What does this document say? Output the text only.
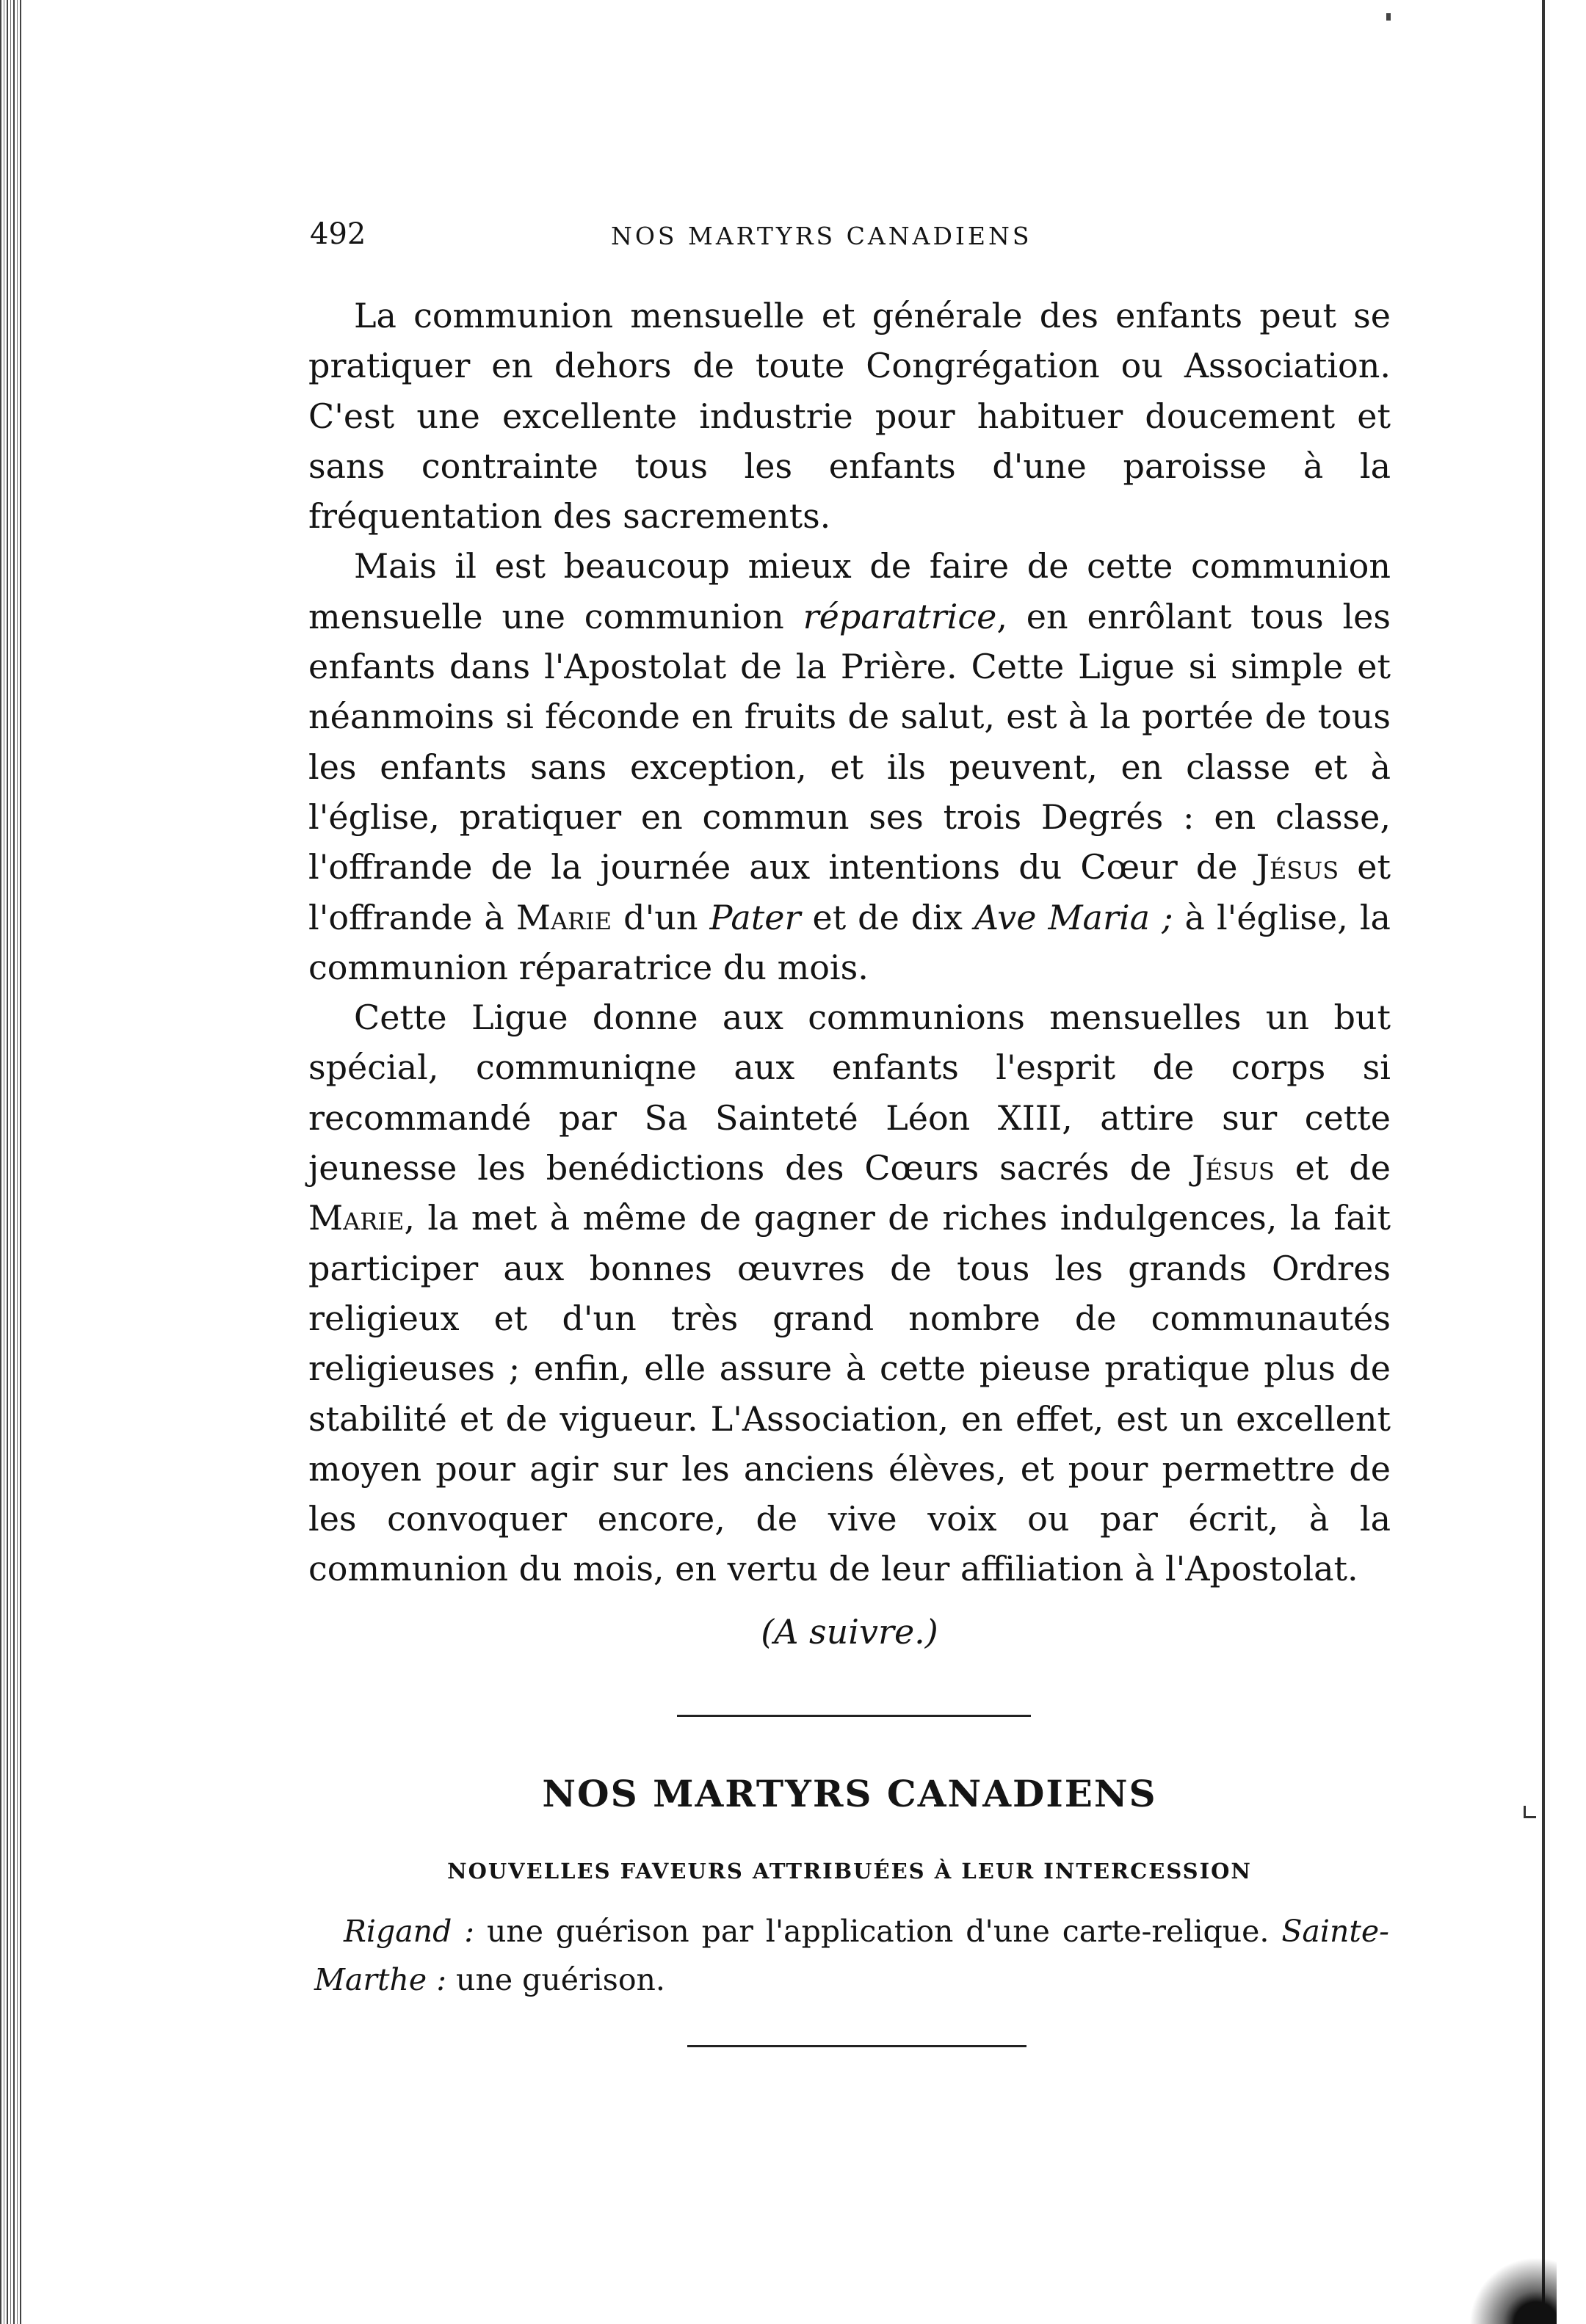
492	NOS MARTYRS CANADIENS

La communion mensuelle et générale des enfants peut se pratiquer en dehors de toute Congrégation ou Association. C'est une excellente industrie pour habituer doucement et sans contrainte tous les enfants d'une paroisse à la fréquentation des sacrements.

Mais il est beaucoup mieux de faire de cette communion mensuelle une communion réparatrice, en enrôlant tous les enfants dans l'Apostolat de la Prière. Cette Ligue si simple et néanmoins si féconde en fruits de salut, est à la portée de tous les enfants sans exception, et ils peuvent, en classe et à l'église, pratiquer en commun ses trois Degrés : en classe, l'offrande de la journée aux intentions du Cœur de Jésus et l'offrande à Marie d'un Pater et de dix Ave Maria ; à l'église, la communion réparatrice du mois.

Cette Ligue donne aux communions mensuelles un but spécial, communiqne aux enfants l'esprit de corps si recommandé par Sa Sainteté Léon XIII, attire sur cette jeunesse les benédictions des Cœurs sacrés de Jésus et de Marie, la met à même de gagner de riches indulgences, la fait participer aux bonnes œuvres de tous les grands Ordres religieux et d'un très grand nombre de communautés religieuses ; enfin, elle assure à cette pieuse pratique plus de stabilité et de vigueur. L'Association, en effet, est un excellent moyen pour agir sur les anciens élèves, et pour permettre de les convoquer encore, de vive voix ou par écrit, à la communion du mois, en vertu de leur affiliation à l'Apostolat.

(A suivre.)
NOS MARTYRS CANADIENS
NOUVELLES FAVEURS ATTRIBUÉES À LEUR INTERCESSION
Rigand : une guérison par l'application d'une carte-relique. Sainte-Marthe : une guérison.
